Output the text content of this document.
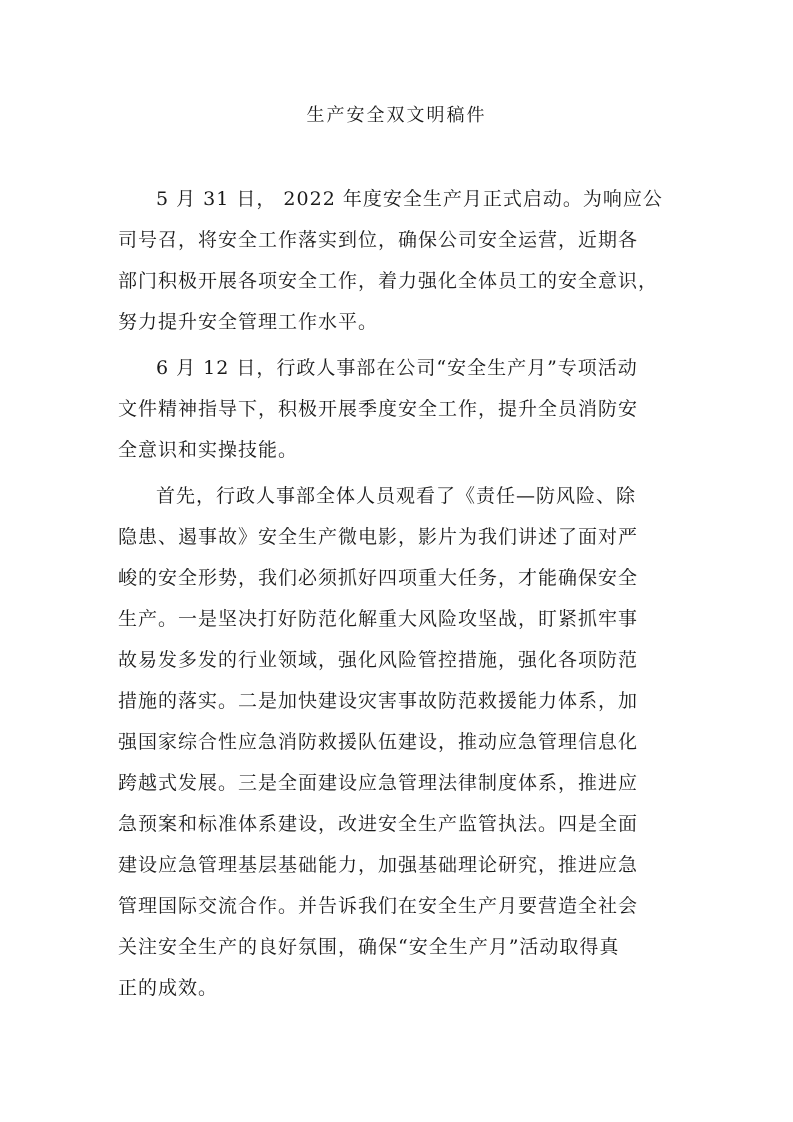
生产安全双文明稿件
5 月 31 日， 2022 年度安全生产月正式启动。为响应公
司号召，将安全工作落实到位，确保公司安全运营，近期各
部门积极开展各项安全工作，着力强化全体员工的安全意识，
努力提升安全管理工作水平。
6 月 12 日，行政人事部在公司“安全生产月”专项活动
文件精神指导下，积极开展季度安全工作，提升全员消防安
全意识和实操技能。
首先，行政人事部全体人员观看了《责任—防风险、除
隐患、遏事故》安全生产微电影，影片为我们讲述了面对严
峻的安全形势，我们必须抓好四项重大任务，才能确保安全
生产。一是坚决打好防范化解重大风险攻坚战，盯紧抓牢事
故易发多发的行业领域，强化风险管控措施，强化各项防范
措施的落实。二是加快建设灾害事故防范救援能力体系，加
强国家综合性应急消防救援队伍建设，推动应急管理信息化
跨越式发展。三是全面建设应急管理法律制度体系，推进应
急预案和标准体系建设，改进安全生产监管执法。四是全面
建设应急管理基层基础能力，加强基础理论研究，推进应急
管理国际交流合作。并告诉我们在安全生产月要营造全社会
关注安全生产的良好氛围，确保“安全生产月”活动取得真
正的成效。
